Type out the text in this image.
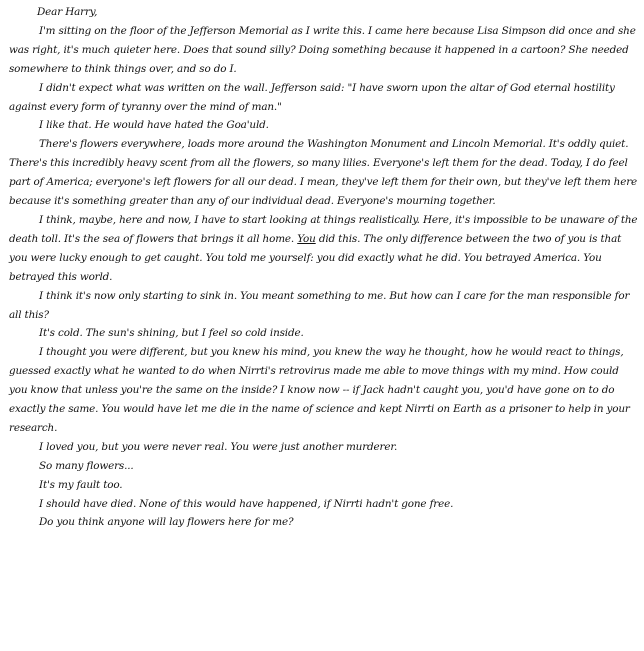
Dear Harry,

I'm sitting on the floor of the Jefferson Memorial as I write this. I came here because Lisa Simpson did once and she was right, it's much quieter here. Does that sound silly? Doing something because it happened in a cartoon? She needed somewhere to think things over, and so do I.

I didn't expect what was written on the wall. Jefferson said: "I have sworn upon the altar of God eternal hostility against every form of tyranny over the mind of man."

I like that. He would have hated the Goa'uld.

There's flowers everywhere, loads more around the Washington Monument and Lincoln Memorial. It's oddly quiet. There's this incredibly heavy scent from all the flowers, so many lilies. Everyone's left them for the dead. Today, I do feel part of America; everyone's left flowers for all our dead. I mean, they've left them for their own, but they've left them here because it's something greater than any of our individual dead. Everyone's mourning together.

I think, maybe, here and now, I have to start looking at things realistically. Here, it's impossible to be unaware of the death toll. It's the sea of flowers that brings it all home. You did this. The only difference between the two of you is that you were lucky enough to get caught. You told me yourself: you did exactly what he did. You betrayed America. You betrayed this world.

I think it's now only starting to sink in. You meant something to me. But how can I care for the man responsible for all this?

It's cold. The sun's shining, but I feel so cold inside.

I thought you were different, but you knew his mind, you knew the way he thought, how he would react to things, guessed exactly what he wanted to do when Nirrti's retrovirus made me able to move things with my mind. How could you know that unless you're the same on the inside? I know now -- if Jack hadn't caught you, you'd have gone on to do exactly the same. You would have let me die in the name of science and kept Nirrti on Earth as a prisoner to help in your research.

I loved you, but you were never real. You were just another murderer.

So many flowers...

It's my fault too.

I should have died. None of this would have happened, if Nirrti hadn't gone free.

Do you think anyone will lay flowers here for me?
